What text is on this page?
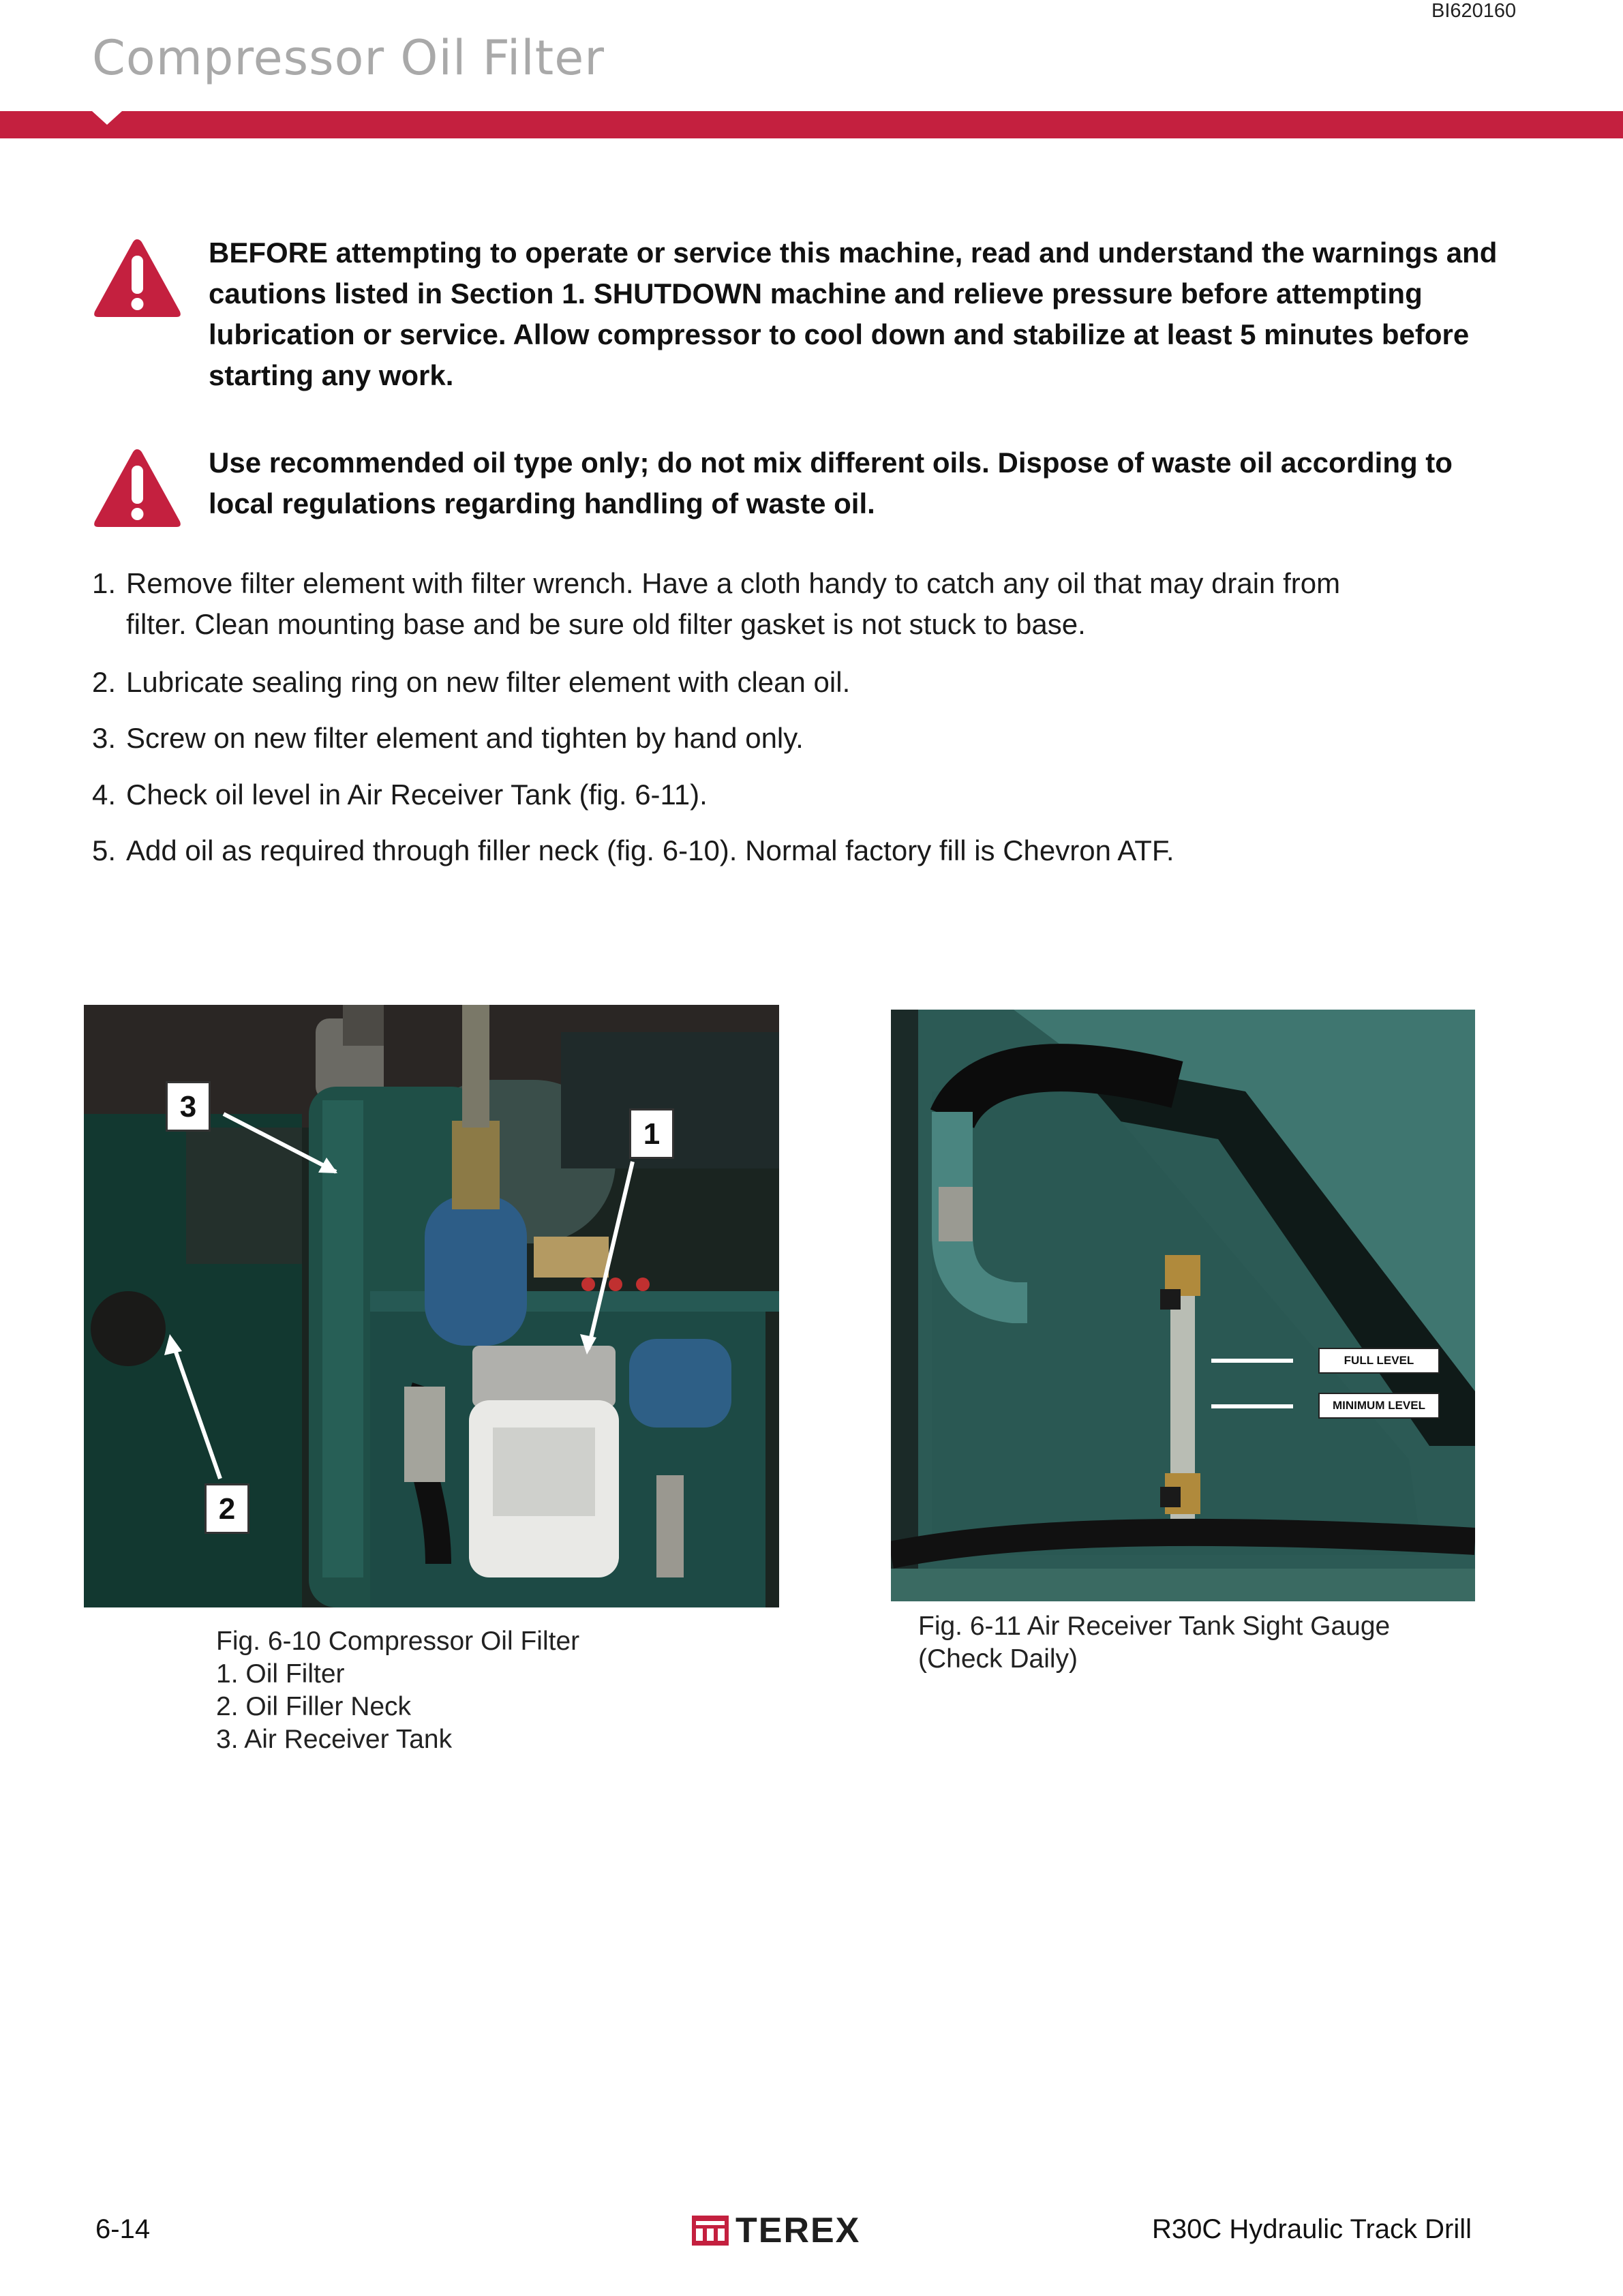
BI620160
Compressor Oil Filter
BEFORE attempting to operate or service this machine, read and understand the warnings and cautions listed in Section 1. SHUTDOWN machine and relieve pressure before attempting lubrication or service. Allow compressor to cool down and stabilize at least 5 minutes before starting any work.
Use recommended oil type only; do not mix different oils. Dispose of waste oil according to local regulations regarding handling of waste oil.
1. Remove filter element with filter wrench. Have a cloth handy to catch any oil that may drain from
filter. Clean mounting base and be sure old filter gasket is not stuck to base.
2. Lubricate sealing ring on new filter element with clean oil.
3. Screw on new filter element and tighten by hand only.
4. Check oil level in Air Receiver Tank (fig. 6-11).
5. Add oil as required through filler neck (fig. 6-10). Normal factory fill is Chevron ATF.
3
1
2
FULL LEVEL
MINIMUM LEVEL
Fig. 6-10 Compressor Oil Filter
1. Oil Filter
2. Oil Filler Neck
3. Air Receiver Tank
Fig. 6-11 Air Receiver Tank Sight Gauge
(Check Daily)
6-14	TEREX	R30C Hydraulic Track Drill
